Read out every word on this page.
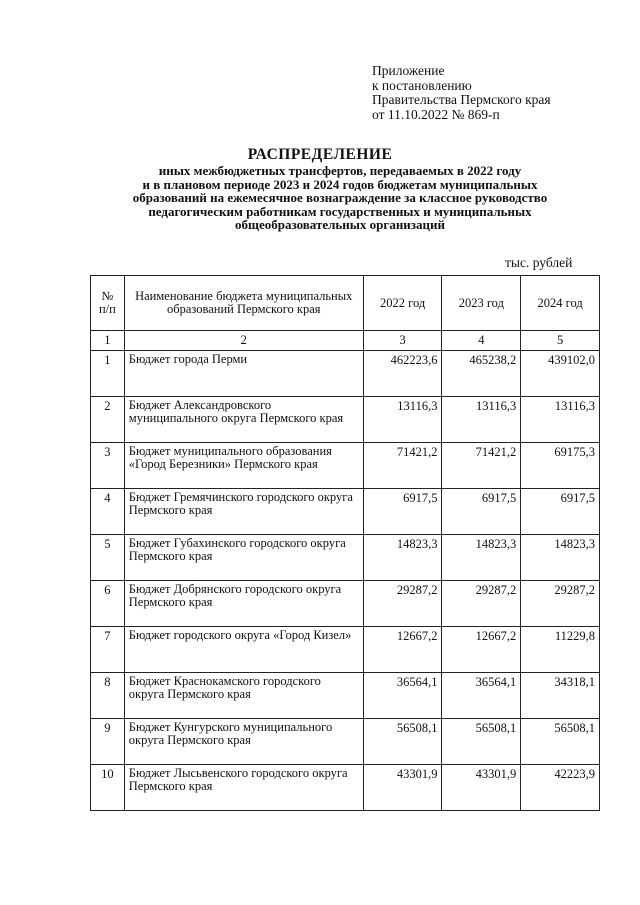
Приложение
к постановлению
Правительства Пермского края
от 11.10.2022 № 869-п
РАСПРЕДЕЛЕНИЕ
иных межбюджетных трансфертов, передаваемых в 2022 году
и в плановом периоде 2023 и 2024 годов бюджетам муниципальных
образований на ежемесячное вознаграждение за классное руководство
педагогическим работникам государственных и муниципальных
общеобразовательных организаций
тыс. рублей
№ п/п	Наименование бюджета муниципальных образований Пермского края	2022 год	2023 год	2024 год
1	2	3	4	5
1	Бюджет города Перми	462223,6	465238,2	439102,0
2	Бюджет Александровского муниципального округа Пермского края	13116,3	13116,3	13116,3
3	Бюджет муниципального образования «Город Березники» Пермского края	71421,2	71421,2	69175,3
4	Бюджет Гремячинского городского округа Пермского края	6917,5	6917,5	6917,5
5	Бюджет Губахинского городского округа Пермского края	14823,3	14823,3	14823,3
6	Бюджет Добрянского городского округа Пермского края	29287,2	29287,2	29287,2
7	Бюджет городского округа «Город Кизел»	12667,2	12667,2	11229,8
8	Бюджет Краснокамского городского округа Пермского края	36564,1	36564,1	34318,1
9	Бюджет Кунгурского муниципального округа Пермского края	56508,1	56508,1	56508,1
10	Бюджет Лысьвенского городского округа Пермского края	43301,9	43301,9	42223,9
